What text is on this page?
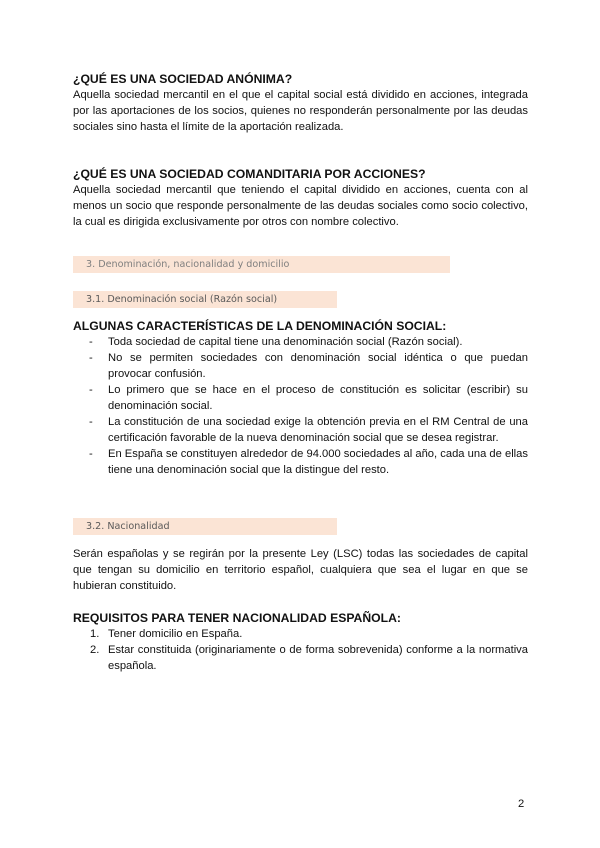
¿QUÉ ES UNA SOCIEDAD ANÓNIMA?

Aquella sociedad mercantil en el que el capital social está dividido en acciones, integrada por las aportaciones de los socios, quienes no responderán personalmente por las deudas sociales sino hasta el límite de la aportación realizada.

¿QUÉ ES UNA SOCIEDAD COMANDITARIA POR ACCIONES?

Aquella sociedad mercantil que teniendo el capital dividido en acciones, cuenta con al menos un socio que responde personalmente de las deudas sociales como socio colectivo, la cual es dirigida exclusivamente por otros con nombre colectivo.

3. Denominación, nacionalidad y domicilio
3.1. Denominación social (Razón social)

ALGUNAS CARACTERÍSTICAS DE LA DENOMINACIÓN SOCIAL:

- Toda sociedad de capital tiene una denominación social (Razón social).
- No se permiten sociedades con denominación social idéntica o que puedan provocar confusión.
- Lo primero que se hace en el proceso de constitución es solicitar (escribir) su denominación social.
- La constitución de una sociedad exige la obtención previa en el RM Central de una certificación favorable de la nueva denominación social que se desea registrar.
- En España se constituyen alrededor de 94.000 sociedades al año, cada una de ellas tiene una denominación social que la distingue del resto.
3.2. Nacionalidad

Serán españolas y se regirán por la presente Ley (LSC) todas las sociedades de capital que tengan su domicilio en territorio español, cualquiera que sea el lugar en que se hubieran constituido.

REQUISITOS PARA TENER NACIONALIDAD ESPAÑOLA:

1. Tener domicilio en España.
2. Estar constituida (originariamente o de forma sobrevenida) conforme a la normativa española.
2
